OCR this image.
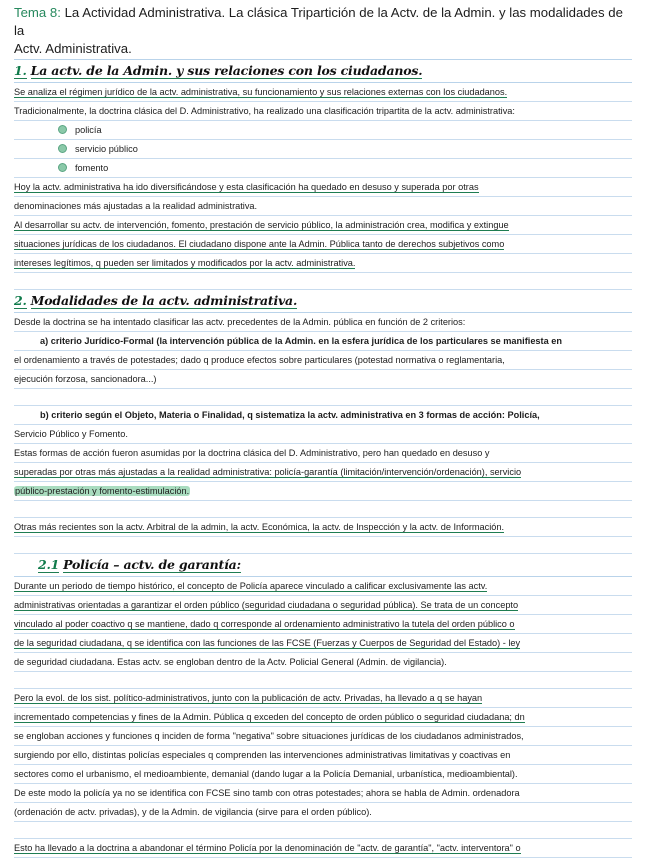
Tema 8: La Actividad Administrativa. La clásica Tripartición de la Actv. de la Admin. y las modalidades de la
Actv. Administrativa.
1. La actv. de la Admin. y sus relaciones con los ciudadanos.
Se analiza el régimen jurídico de la actv. administrativa, su funcionamiento y sus relaciones externas con los ciudadanos.
Tradicionalmente, la doctrina clásica del D. Administrativo, ha realizado una clasificación tripartita de la actv. administrativa:
policía
servicio público
fomento
Hoy la actv. administrativa ha ido diversificándose y esta clasificación ha quedado en desuso y superada por otras
denominaciones más ajustadas a la realidad administrativa.
Al desarrollar su actv. de intervención, fomento, prestación de servicio público, la administración crea, modifica y extingue
situaciones jurídicas de los ciudadanos. El ciudadano dispone ante la Admin. Pública tanto de derechos subjetivos como
intereses legítimos, q pueden ser limitados y modificados por la actv. administrativa.
2. Modalidades de la actv. administrativa.
Desde la doctrina se ha intentado clasificar las actv. precedentes de la Admin. pública en función de 2 criterios:
a) criterio Jurídico-Formal (la intervención pública de la Admin. en la esfera jurídica de los particulares se manifiesta en
el ordenamiento a través de potestades; dado q produce efectos sobre particulares (potestad normativa o reglamentaria,
ejecución forzosa, sancionadora...)
b) criterio según el Objeto, Materia o Finalidad, q sistematiza la actv. administrativa en 3 formas de acción: Policía,
Servicio Público y Fomento.
Estas formas de acción fueron asumidas por la doctrina clásica del D. Administrativo, pero han quedado en desuso y
superadas por otras más ajustadas a la realidad administrativa: policía-garantía (limitación/intervención/ordenación), servicio
público-prestación y fomento-estimulación.
Otras más recientes son la actv. Arbitral de la admin, la actv. Económica, la actv. de Inspección y la actv. de Información.
2.1 Policía – actv. de garantía:
Durante un periodo de tiempo histórico, el concepto de Policía aparece vinculado a calificar exclusivamente las actv.
administrativas orientadas a garantizar el orden público (seguridad ciudadana o seguridad pública). Se trata de un concepto
vinculado al poder coactivo q se mantiene, dado q corresponde al ordenamiento administrativo la tutela del orden público o
de la seguridad ciudadana, q se identifica con las funciones de las FCSE (Fuerzas y Cuerpos de Seguridad del Estado) - ley
de seguridad ciudadana. Estas actv. se engloban dentro de la Actv. Policial General (Admin. de vigilancia).
Pero la evol. de los sist. político-administrativos, junto con la publicación de actv. Privadas, ha llevado a q se hayan
incrementado competencias y fines de la Admin. Pública q exceden del concepto de orden público o seguridad ciudadana; dn
se engloban acciones y funciones q inciden de forma "negativa" sobre situaciones jurídicas de los ciudadanos administrados,
surgiendo por ello, distintas policías especiales q comprenden las intervenciones administrativas limitativas y coactivas en
sectores como el urbanismo, el medioambiente, demanial (dando lugar a la Policía Demanial, urbanística, medioambiental).
De este modo la policía ya no se identifica con FCSE sino tamb con otras potestades; ahora se habla de Admin. ordenadora
(ordenación de actv. privadas), y de la Admin. de vigilancia (sirve para el orden público).
Esto ha llevado a la doctrina a abandonar el término Policía por la denominación de "actv. de garantía", "actv. interventora" o
